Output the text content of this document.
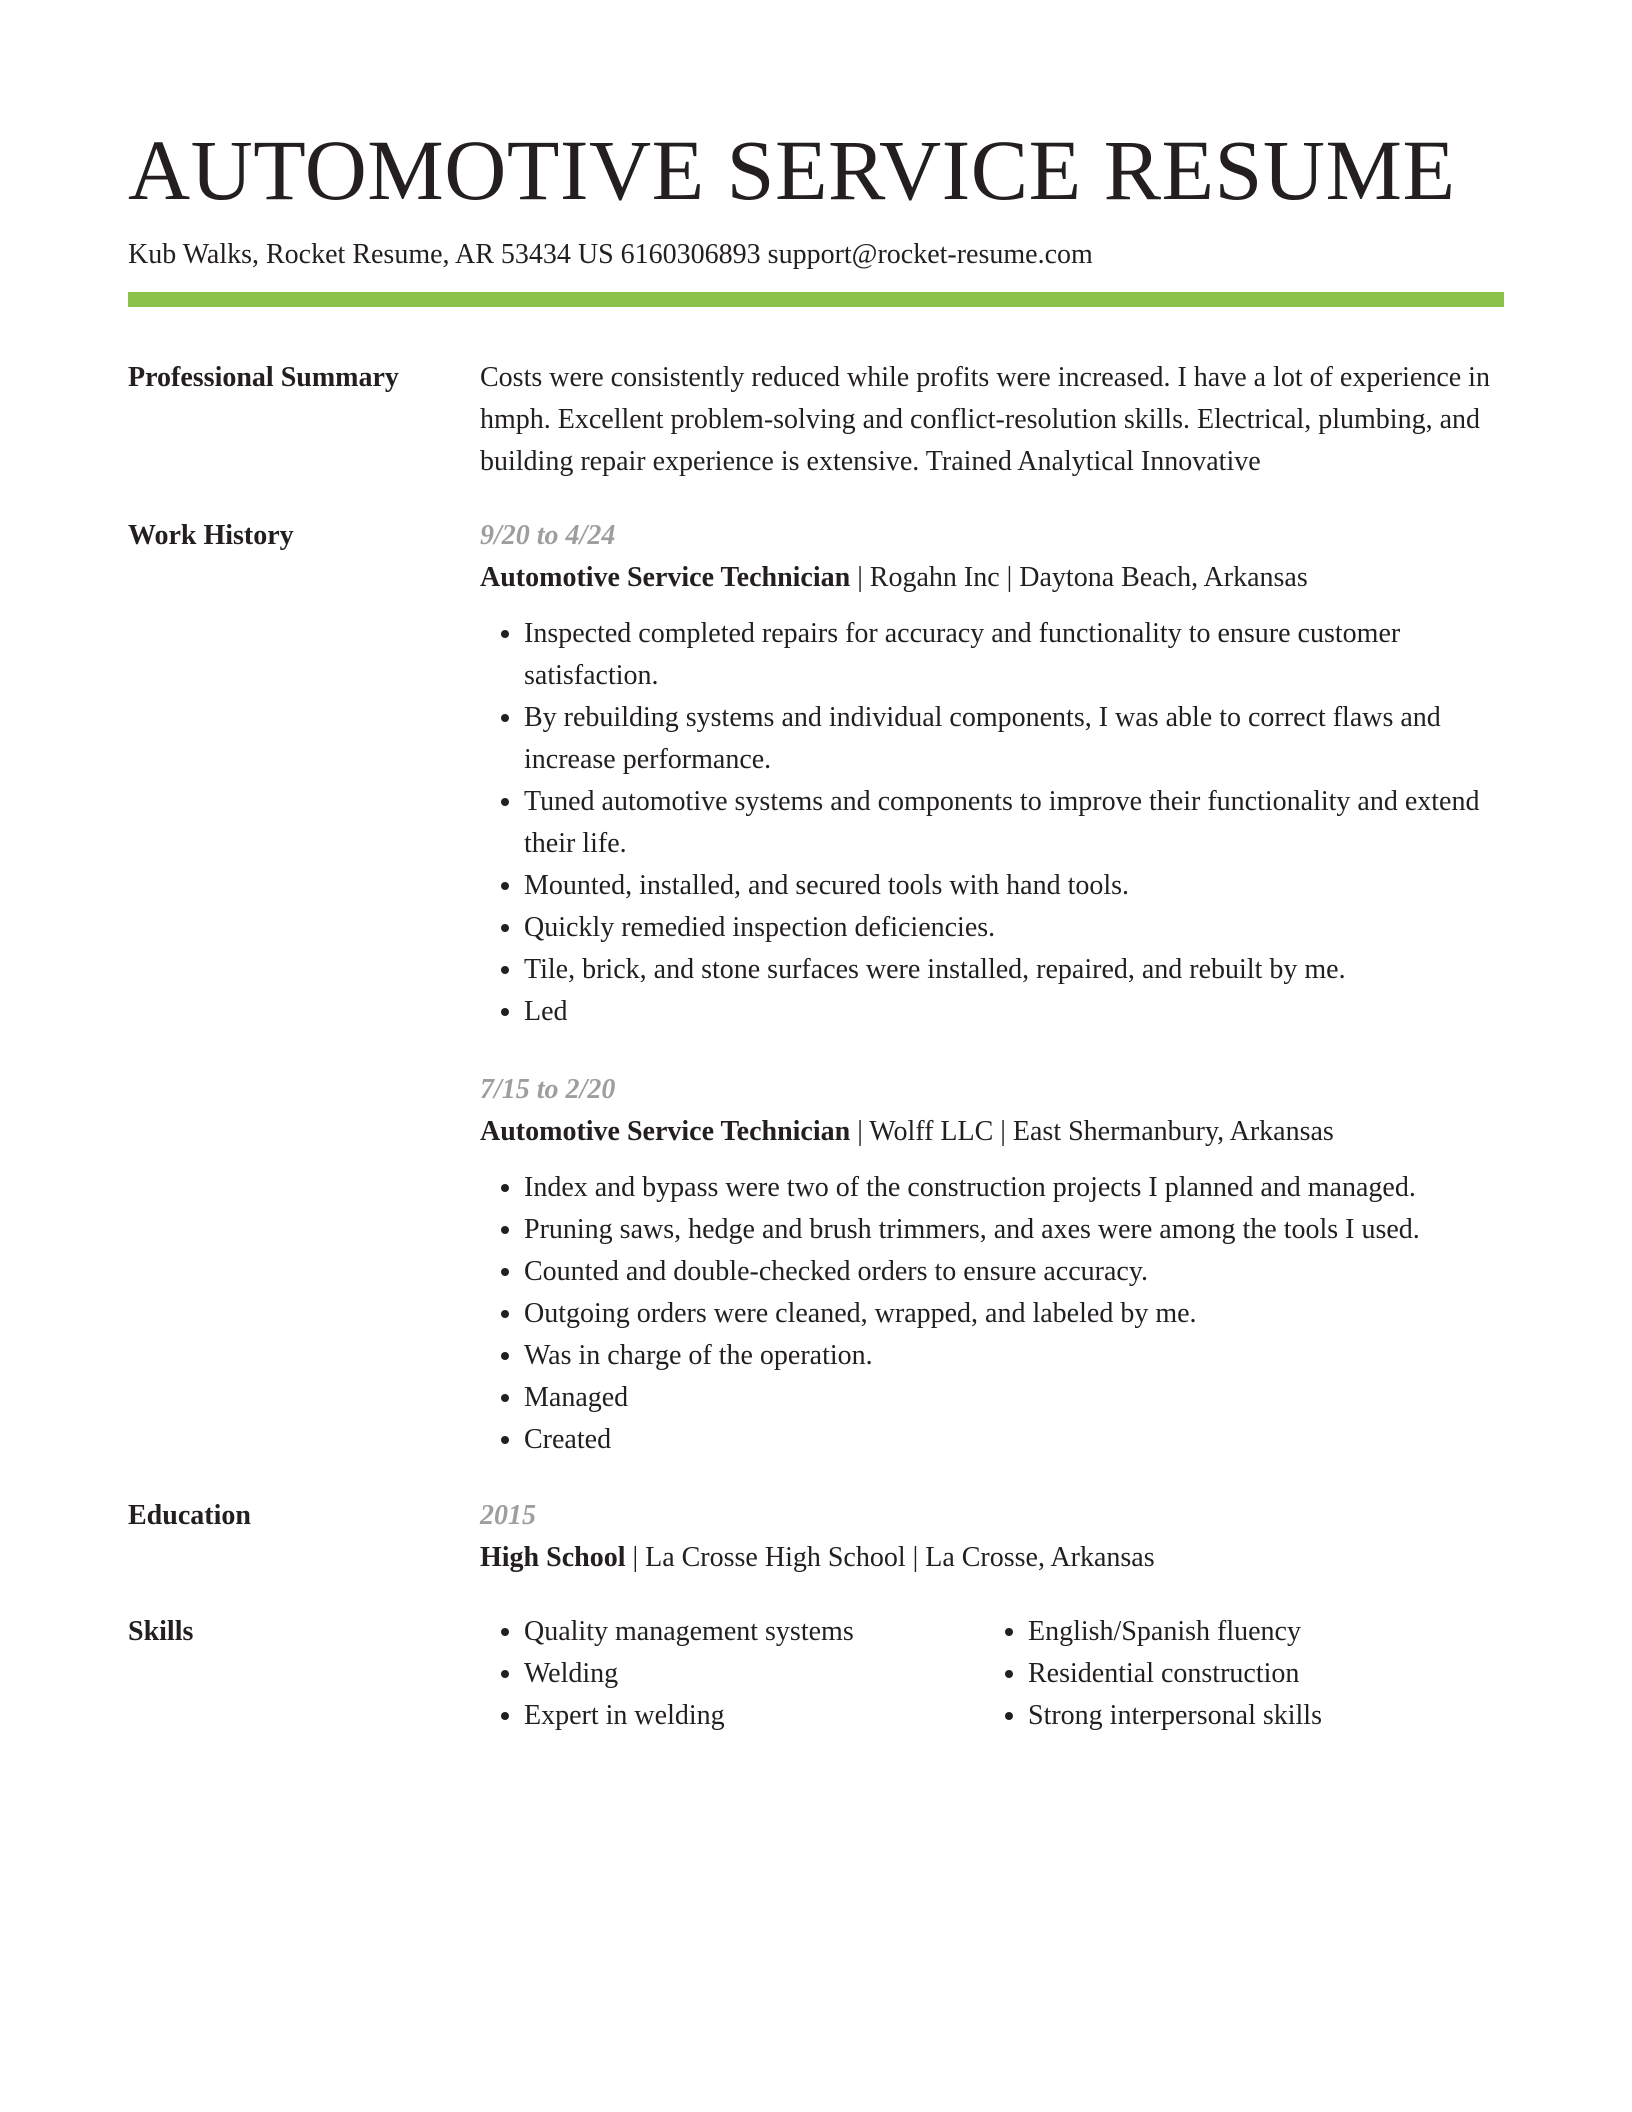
AUTOMOTIVE SERVICE RESUME
Kub Walks, Rocket Resume, AR 53434 US 6160306893 support@rocket-resume.com
Professional Summary	Costs were consistently reduced while profits were increased. I have a lot of experience in hmph. Excellent problem-solving and conflict-resolution skills. Electrical, plumbing, and building repair experience is extensive. Trained Analytical Innovative
Work History	9/20 to 4/24
Automotive Service Technician | Rogahn Inc | Daytona Beach, Arkansas
• Inspected completed repairs for accuracy and functionality to ensure customer satisfaction.
• By rebuilding systems and individual components, I was able to correct flaws and increase performance.
• Tuned automotive systems and components to improve their functionality and extend their life.
• Mounted, installed, and secured tools with hand tools.
• Quickly remedied inspection deficiencies.
• Tile, brick, and stone surfaces were installed, repaired, and rebuilt by me.
• Led
7/15 to 2/20
Automotive Service Technician | Wolff LLC | East Shermanbury, Arkansas
• Index and bypass were two of the construction projects I planned and managed.
• Pruning saws, hedge and brush trimmers, and axes were among the tools I used.
• Counted and double-checked orders to ensure accuracy.
• Outgoing orders were cleaned, wrapped, and labeled by me.
• Was in charge of the operation.
• Managed
• Created
Education	2015
High School | La Crosse High School | La Crosse, Arkansas
Skills
•	Quality management systems
• Welding
• Expert in welding
• English/Spanish fluency
• Residential construction
• Strong interpersonal skills
